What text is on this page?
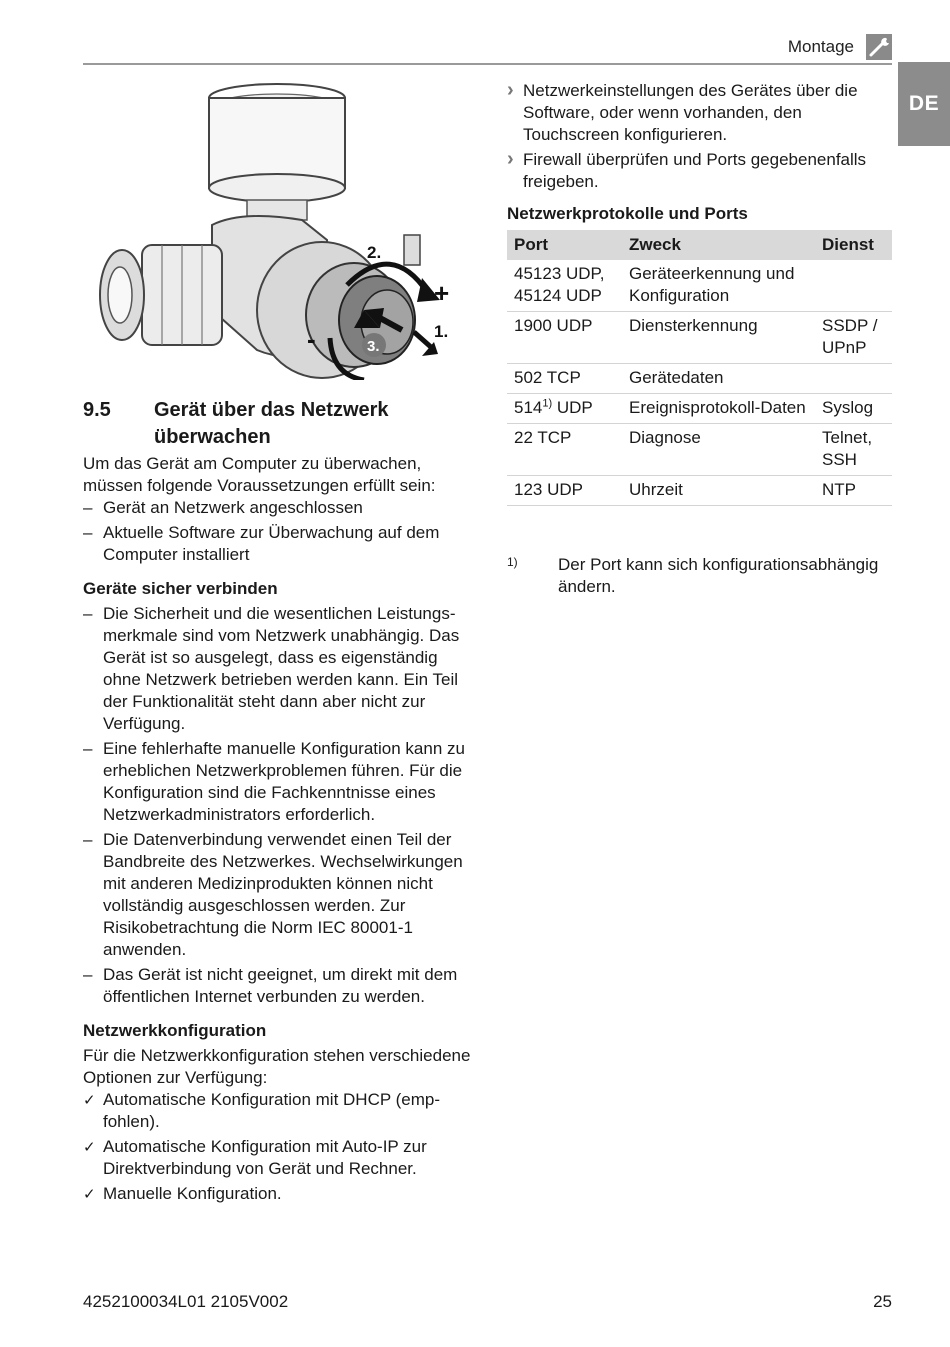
Montage
DE
2.
+
1.
-	3.
9.5 Gerät über das Netzwerk überwachen

Um das Gerät am Computer zu überwachen, müssen folgende Voraussetzungen erfüllt sein:

– Gerät an Netzwerk angeschlossen
– Aktuelle Software zur Überwachung auf dem Computer installiert
Geräte sicher verbinden
– Die Sicherheit und die wesentlichen Leistungsmerkmale sind vom Netzwerk unabhängig. Das Gerät ist so ausgelegt, dass es eigenständig ohne Netzwerk betrieben werden kann. Ein Teil der Funktionalität steht dann aber nicht zur Verfügung.
– Eine fehlerhafte manuelle Konfiguration kann zu erheblichen Netzwerkproblemen führen. Für die Konfiguration sind die Fachkenntnisse eines Netzwerkadministrators erforderlich.
– Die Datenverbindung verwendet einen Teil der Bandbreite des Netzwerkes. Wechselwirkungen mit anderen Medizinprodukten können nicht vollständig ausgeschlossen werden. Zur Risikobetrachtung die Norm IEC 80001-1 anwenden.
– Das Gerät ist nicht geeignet, um direkt mit dem öffentlichen Internet verbunden zu werden.
Netzwerkkonfiguration

Für die Netzwerkkonfiguration stehen verschiedene Optionen zur Verfügung:

✓ Automatische Konfiguration mit DHCP (empfohlen).
✓ Automatische Konfiguration mit Auto-IP zur Direktverbindung von Gerät und Rechner.
✓ Manuelle Konfiguration.
› Netzwerkeinstellungen des Gerätes über die Software, oder wenn vorhanden, den Touchscreen konfigurieren.
› Firewall überprüfen und Ports gegebenenfalls freigeben.
Netzwerkprotokolle und Ports
Port	Zweck	Dienst
45123 UDP, 45124 UDP	Geräteerkennung und Konfiguration	
1900 UDP	Diensterkennung	SSDP / UPnP
502 TCP	Gerätedaten	
514$^{1)}$ UDP	Ereignisprotokoll-Daten	Syslog
22 TCP	Diagnose	Telnet, SSH
123 UDP	Uhrzeit	NTP
1) Der Port kann sich konfigurationsabhängig ändern.
4252100034L01 2105V002	25
